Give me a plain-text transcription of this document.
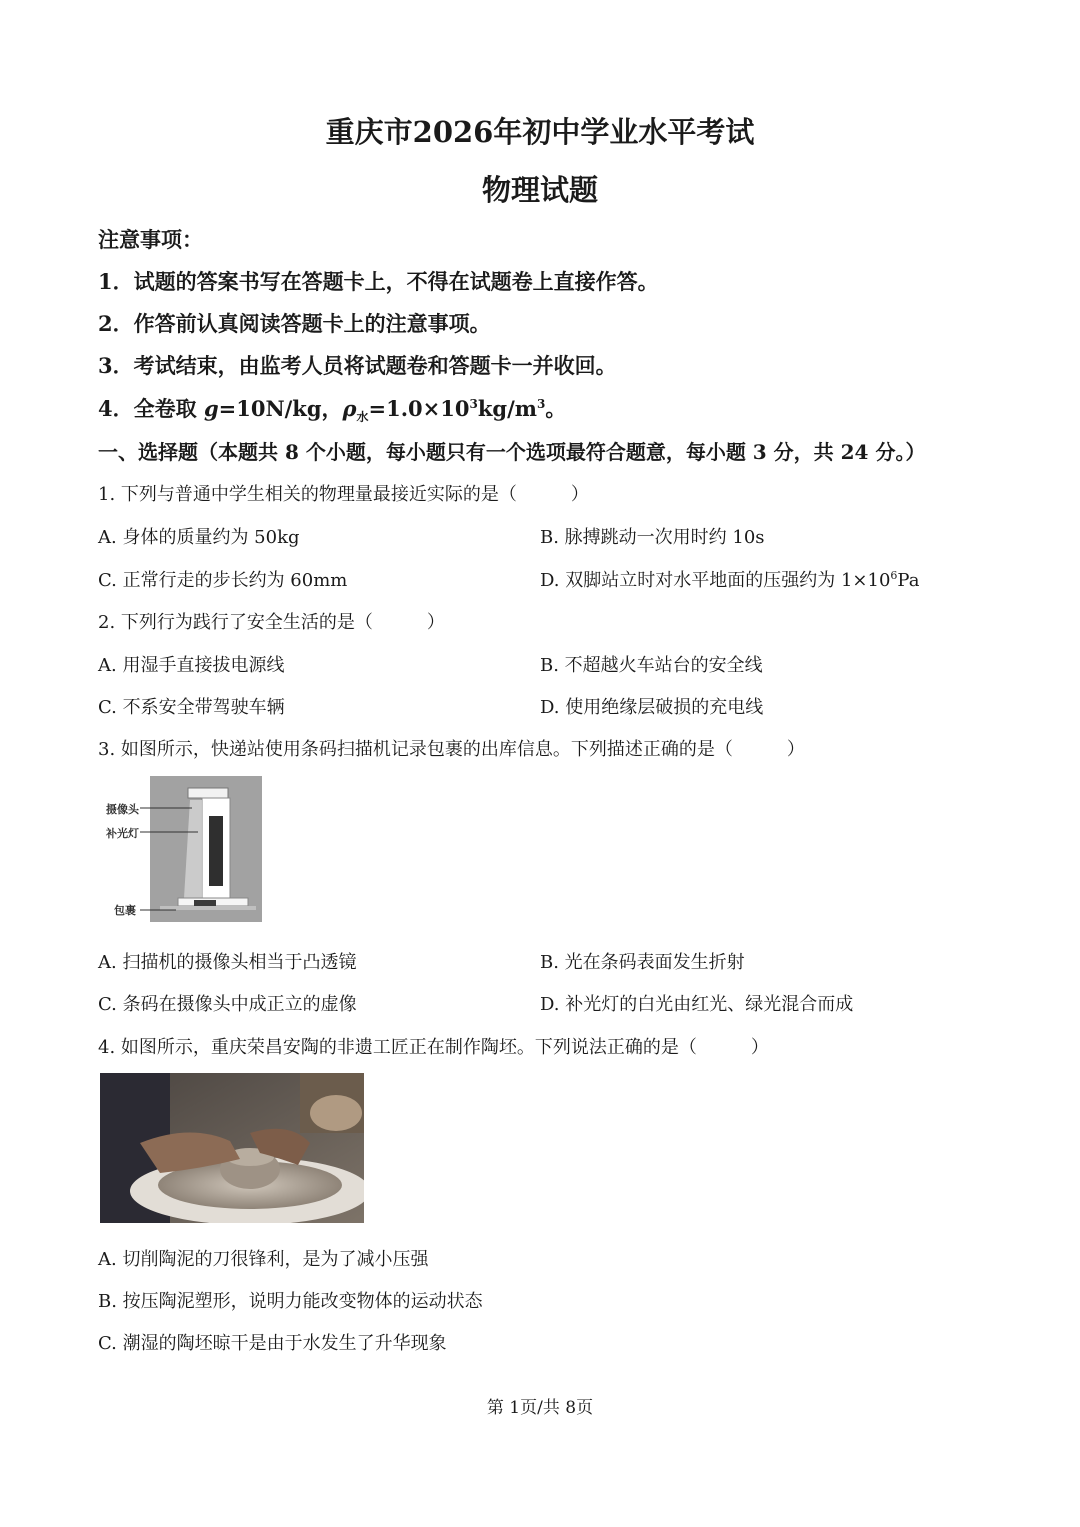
重庆市2026年初中学业水平考试
物理试题
注意事项：
1．试题的答案书写在答题卡上，不得在试题卷上直接作答。
2．作答前认真阅读答题卡上的注意事项。
3．考试结束，由监考人员将试题卷和答题卡一并收回。
4．全卷取 g=10N/kg，$\rho_水=1.0\times 10^3kg/m^3$。
一、选择题（本题共 8 个小题，每小题只有一个选项最符合题意，每小题 3 分，共 24 分。）
1. 下列与普通中学生相关的物理量最接近实际的是（　　　）
A. 身体的质量约为 50kg	B. 脉搏跳动一次用时约 10s
C. 正常行走的步长约为 60mm	D. 双脚站立时对水平地面的压强约为 $1\times 10^6Pa$
2. 下列行为践行了安全生活的是（　　　）
A. 用湿手直接拔电源线	B. 不超越火车站台的安全线
C. 不系安全带驾驶车辆	D. 使用绝缘层破损的充电线
3. 如图所示，快递站使用条码扫描机记录包裹的出库信息。下列描述正确的是（　　　）
摄像头
补光灯
包裹
A. 扫描机的摄像头相当于凸透镜	B. 光在条码表面发生折射
C. 条码在摄像头中成正立的虚像	D. 补光灯的白光由红光、绿光混合而成
4. 如图所示，重庆荣昌安陶的非遗工匠正在制作陶坯。下列说法正确的是（　　　）
A. 切削陶泥的刀很锋利，是为了减小压强
B. 按压陶泥塑形，说明力能改变物体的运动状态
C. 潮湿的陶坯晾干是由于水发生了升华现象
第 1页/共 8页
